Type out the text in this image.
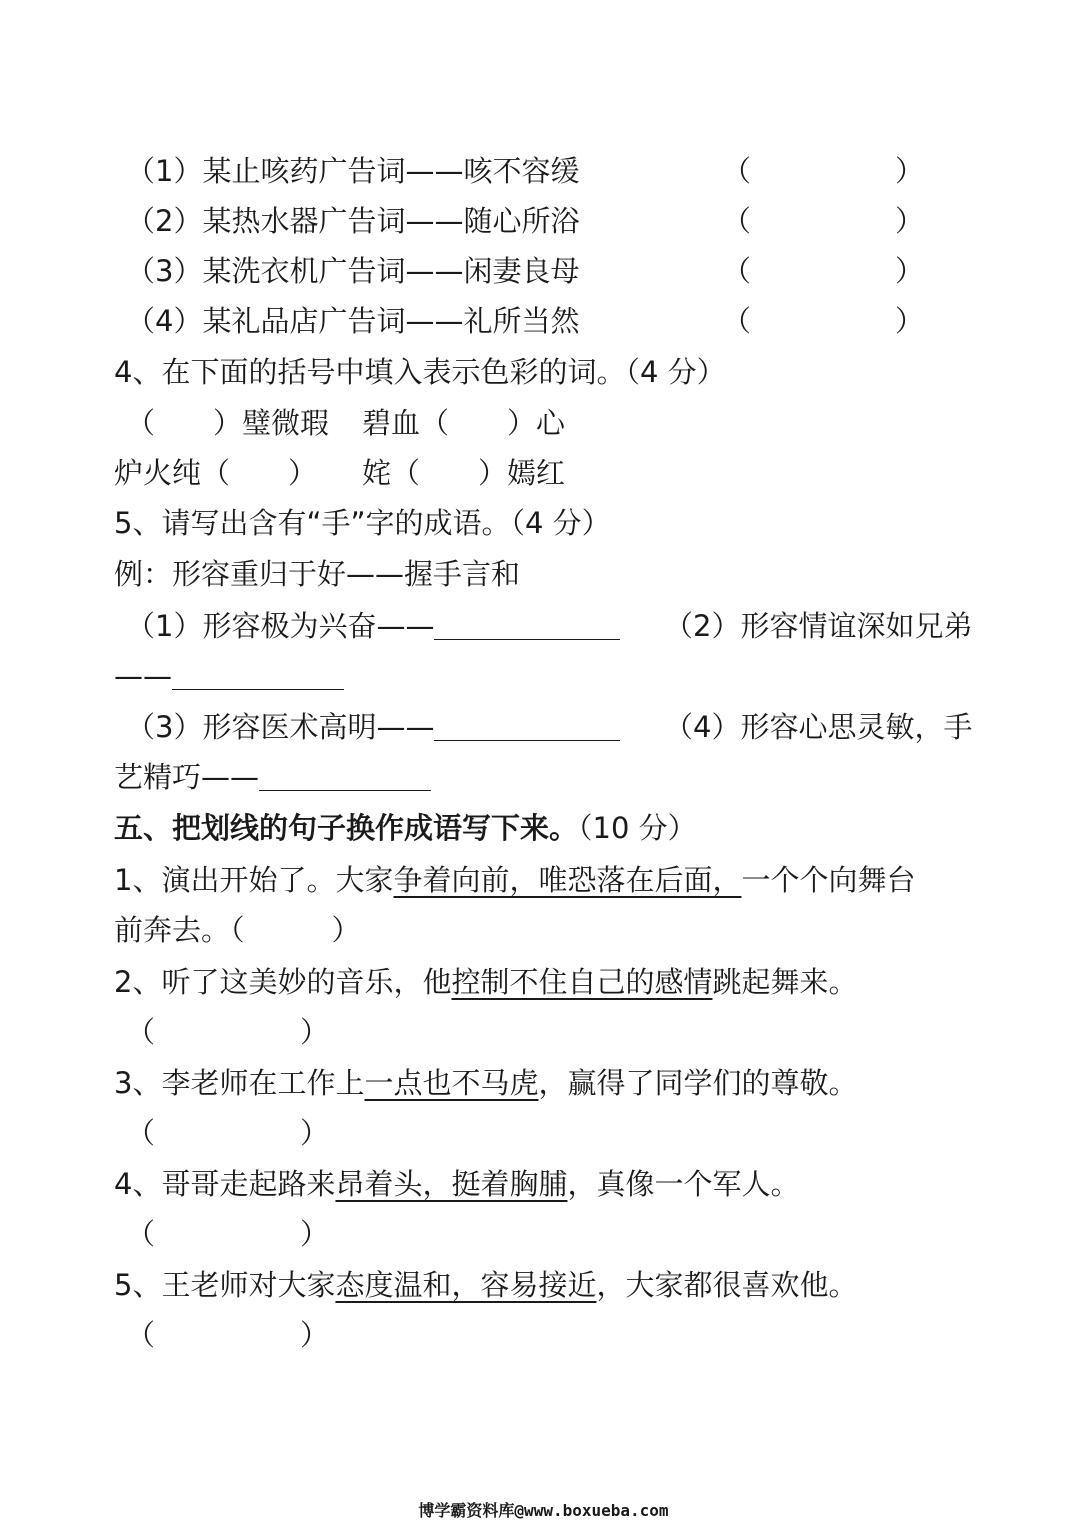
（1）某止咳药广告词——咳不容缓	（	）
（2）某热水器广告词——随心所浴	（	）
（3）某洗衣机广告词——闲妻良母	（	）
（4）某礼品店广告词——礼所当然	（	）
4、在下面的括号中填入表示色彩的词。（4 分）
（　　）璧微瑕 碧血（　　）心
炉火纯（　　） 姹（　　）嫣红
5、请写出含有“手”字的成语。（4 分）
例：形容重归于好——握手言和
（1）形容极为兴奋——	（2）形容情谊深如兄弟
——
（3）形容医术高明——	（4）形容心思灵敏，手
艺精巧——
五、把划线的句子换作成语写下来。（10 分）
1、演出开始了。大家争着向前，唯恐落在后面，一个个向舞台
前奔去。（　　　）
2、听了这美妙的音乐，他控制不住自己的感情跳起舞来。
（　　　　　）
3、李老师在工作上一点也不马虎，赢得了同学们的尊敬。
（　　　　　）
4、哥哥走起路来昂着头，挺着胸脯，真像一个军人。
（　　　　　）
5、王老师对大家态度温和，容易接近，大家都很喜欢他。
（　　　　　）
博学霸资料库@www.boxueba.com
